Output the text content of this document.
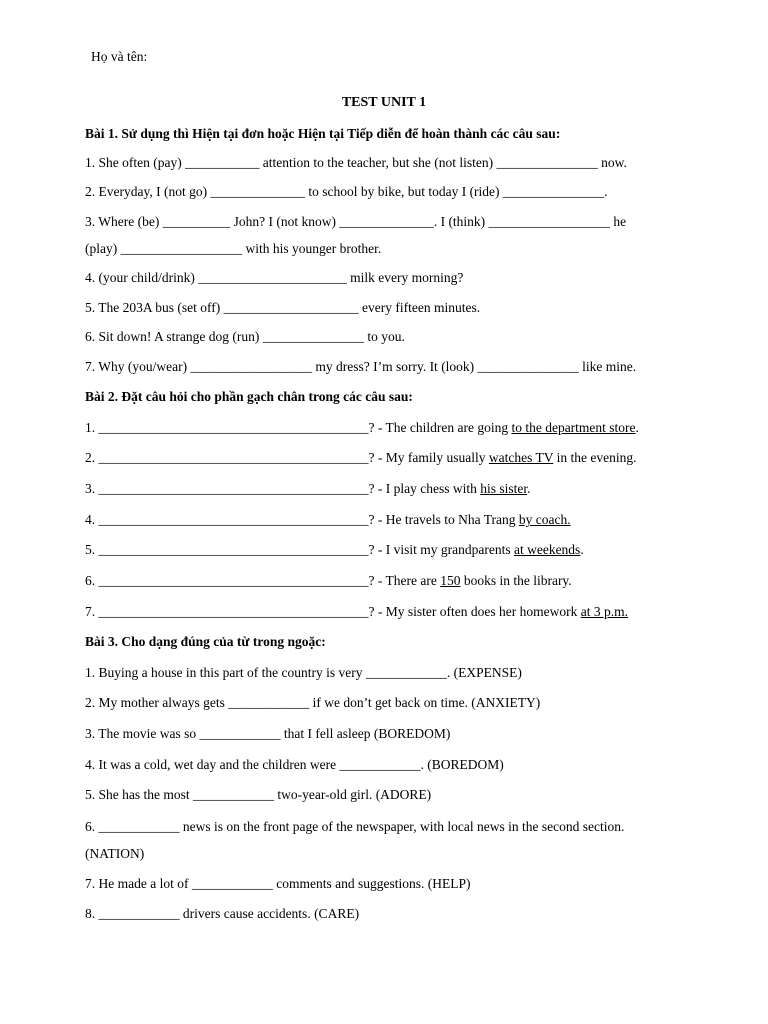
Họ và tên:
TEST UNIT 1
Bài 1. Sử dụng thì Hiện tại đơn hoặc Hiện tại Tiếp diễn để hoàn thành các câu sau:
1. She often (pay) ___________ attention to the teacher, but she (not listen) _______________ now.
2. Everyday, I (not go) ______________ to school by bike, but today I (ride) _______________.
3. Where (be) __________ John? I (not know) ______________. I (think) __________________ he
(play) __________________ with his younger brother.
4. (your child/drink) ______________________ milk every morning?
5. The 203A bus (set off) ____________________ every fifteen minutes.
6. Sit down! A strange dog (run) _______________ to you.
7. Why (you/wear) __________________ my dress? I’m sorry. It (look) _______________ like mine.
Bài 2. Đặt câu hỏi cho phần gạch chân trong các câu sau:
1. ________________________________________? - The children are going to the department store.
2. ________________________________________? - My family usually watches TV in the evening.
3. ________________________________________? - I play chess with his sister.
4. ________________________________________? - He travels to Nha Trang by coach.
5. ________________________________________? - I visit my grandparents at weekends.
6. ________________________________________? - There are 150 books in the library.
7. ________________________________________? - My sister often does her homework at 3 p.m.
Bài 3. Cho dạng đúng của từ trong ngoặc:
1. Buying a house in this part of the country is very ____________. (EXPENSE)
2. My mother always gets ____________ if we don’t get back on time. (ANXIETY)
3. The movie was so ____________ that I fell asleep (BOREDOM)
4. It was a cold, wet day and the children were ____________. (BOREDOM)
5. She has the most ____________ two-year-old girl. (ADORE)
6. ____________ news is on the front page of the newspaper, with local news in the second section.
(NATION)
7. He made a lot of ____________ comments and suggestions. (HELP)
8. ____________ drivers cause accidents. (CARE)
